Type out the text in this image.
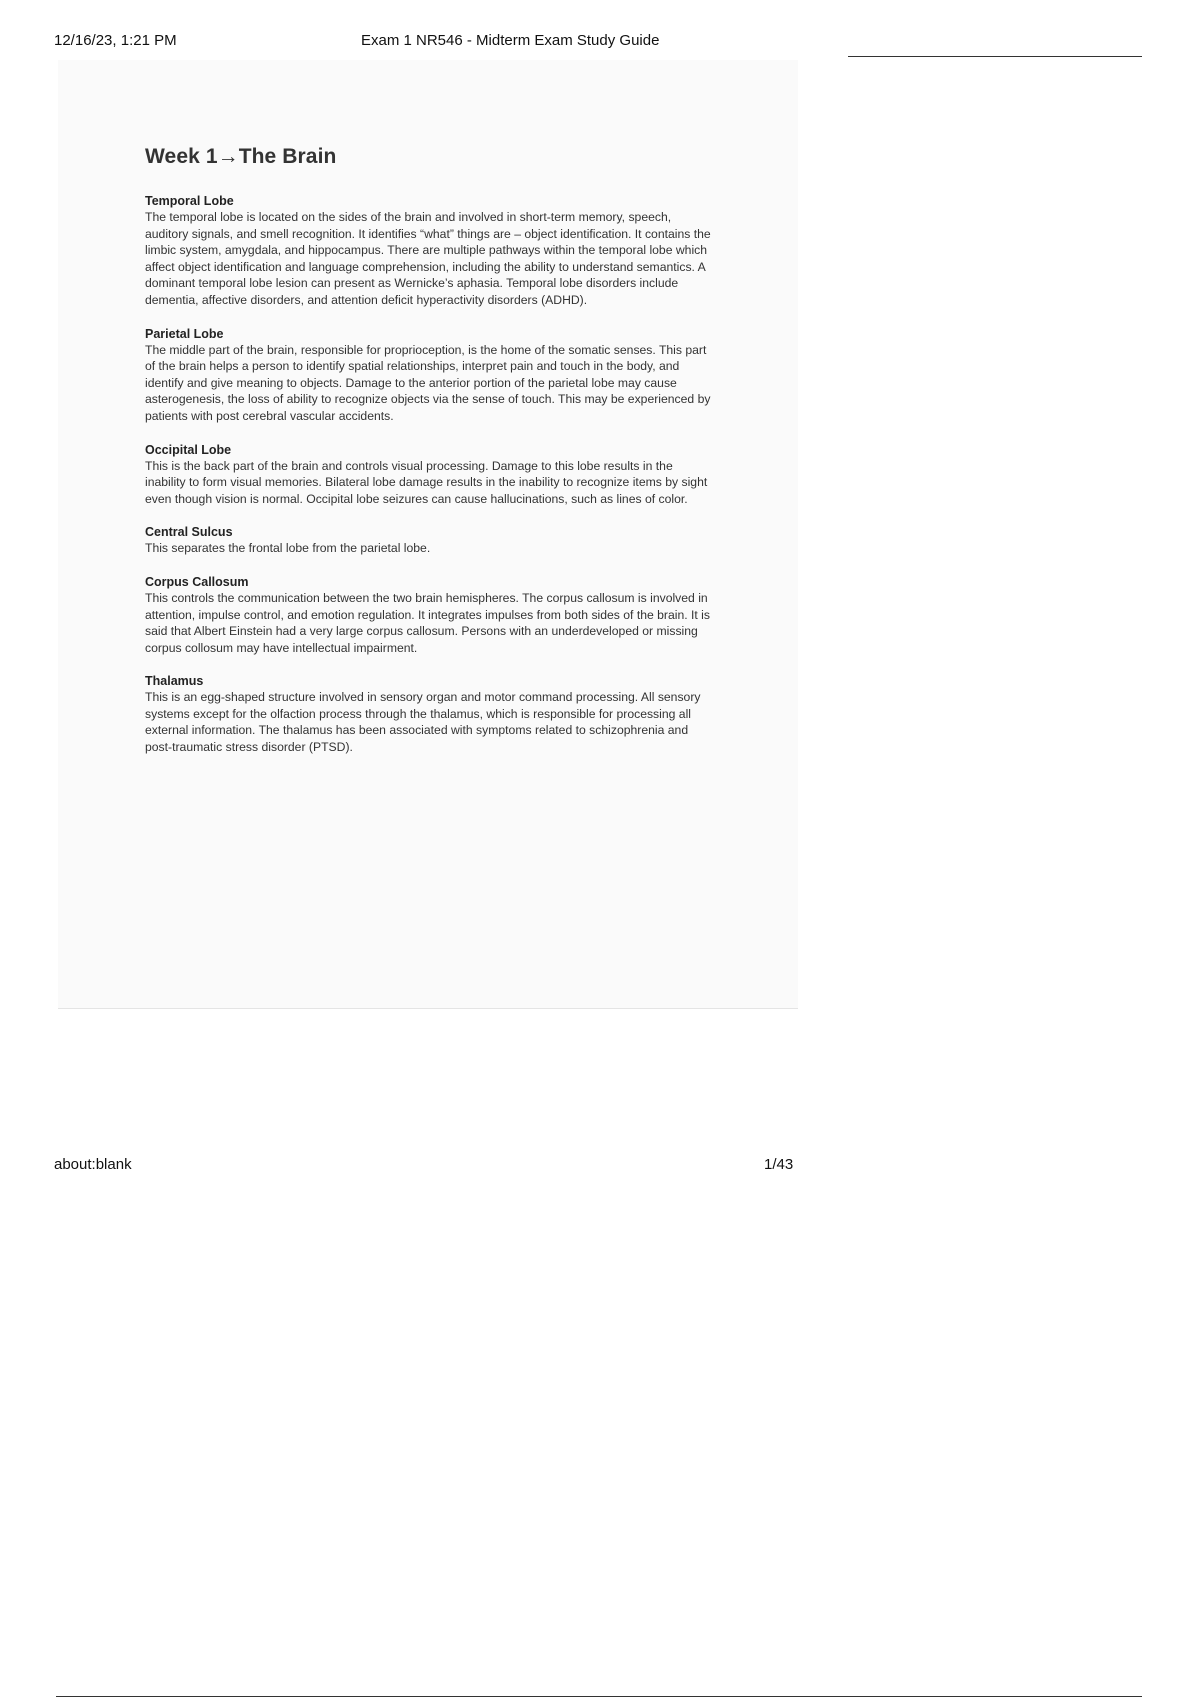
12/16/23, 1:21 PM	Exam 1 NR546 - Midterm Exam Study Guide
Week 1→The Brain

Temporal Lobe

The temporal lobe is located on the sides of the brain and involved in short-term memory, speech, auditory signals, and smell recognition. It identifies “what” things are – object identification. It contains the limbic system, amygdala, and hippocampus. There are multiple pathways within the temporal lobe which affect object identification and language comprehension, including the ability to understand semantics. A dominant temporal lobe lesion can present as Wernicke’s aphasia. Temporal lobe disorders include dementia, affective disorders, and attention deficit hyperactivity disorders (ADHD).

Parietal Lobe

The middle part of the brain, responsible for proprioception, is the home of the somatic senses. This part of the brain helps a person to identify spatial relationships, interpret pain and touch in the body, and identify and give meaning to objects. Damage to the anterior portion of the parietal lobe may cause asterogenesis, the loss of ability to recognize objects via the sense of touch. This may be experienced by patients with post cerebral vascular accidents.

Occipital Lobe

This is the back part of the brain and controls visual processing. Damage to this lobe results in the inability to form visual memories. Bilateral lobe damage results in the inability to recognize items by sight even though vision is normal. Occipital lobe seizures can cause hallucinations, such as lines of color.

Central Sulcus

This separates the frontal lobe from the parietal lobe.

Corpus Callosum

This controls the communication between the two brain hemispheres. The corpus callosum is involved in attention, impulse control, and emotion regulation. It integrates impulses from both sides of the brain. It is said that Albert Einstein had a very large corpus callosum. Persons with an underdeveloped or missing corpus collosum may have intellectual impairment.

Thalamus

This is an egg-shaped structure involved in sensory organ and motor command processing. All sensory systems except for the olfaction process through the thalamus, which is responsible for processing all external information. The thalamus has been associated with symptoms related to schizophrenia and post-traumatic stress disorder (PTSD).

about:blank	1/43
